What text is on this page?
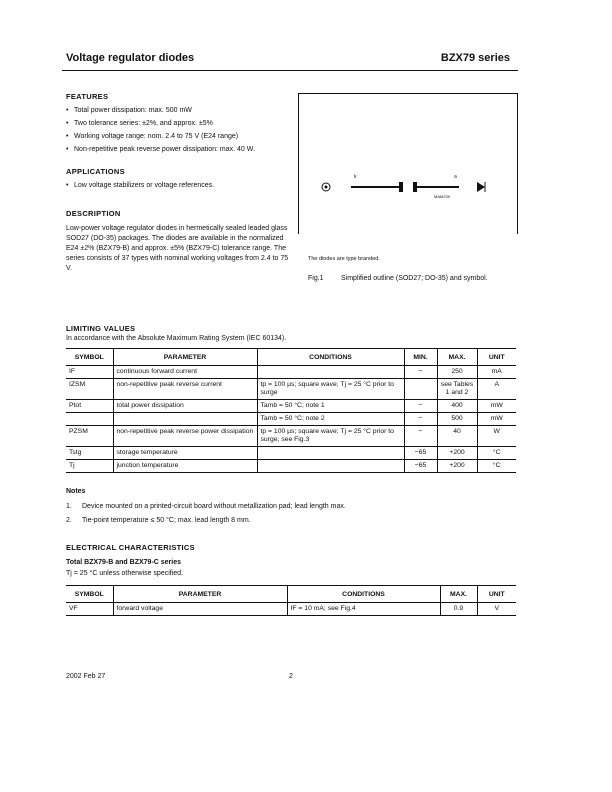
Voltage regulator diodes	BZX79 series
FEATURES
• Total power dissipation: max. 500 mW
• Two tolerance series: ±2%, and approx. ±5%
• Working voltage range: nom. 2.4 to 75 V (E24 range)
• Non-repetitive peak reverse power dissipation: max. 40 W.
APPLICATIONS
• Low voltage stabilizers or voltage references.
DESCRIPTION
Low-power voltage regulator diodes in hermetically sealed leaded glass SOD27 (DO-35) packages. The diodes are available in the normalized E24 ±2% (BZX79-B) and approx. ±5% (BZX79-C) tolerance range. The series consists of 37 types with nominal working voltages from 2.4 to 75 V.
k	a
MAM239
The diodes are type branded.
Fig.1 Simplified outline (SOD27; DO-35) and symbol.
LIMITING VALUES
In accordance with the Absolute Maximum Rating System (IEC 60134).
SYMBOL	PARAMETER	CONDITIONS	MIN.	MAX.	UNIT
IF	continuous forward current		−	250	mA
IZSM	non-repetitive peak reverse current	tp = 100 µs; square wave; Tj = 25 °C prior to surge		see Tables 1 and 2	A
Ptot	total power dissipation	Tamb = 50 °C; note 1	−	400	mW
		Tamb = 50 °C; note 2	−	500	mW
PZSM	non-repetitive peak reverse power dissipation	tp = 100 µs; square wave; Tj = 25 °C prior to surge; see Fig.3	−	40	W
Tstg	storage temperature		−65	+200	°C
Tj	junction temperature		−65	+200	°C
Notes
1.	Device mounted on a printed-circuit board without metallization pad; lead length max.
2.	Tie-point temperature ≤ 50 °C; max. lead length 8 mm.
ELECTRICAL CHARACTERISTICS
Total BZX79-B and BZX79-C series
Tj = 25 °C unless otherwise specified.
SYMBOL	PARAMETER	CONDITIONS	MAX.	UNIT
VF	forward voltage	IF = 10 mA; see Fig.4	0.9	V
2002 Feb 27	2
